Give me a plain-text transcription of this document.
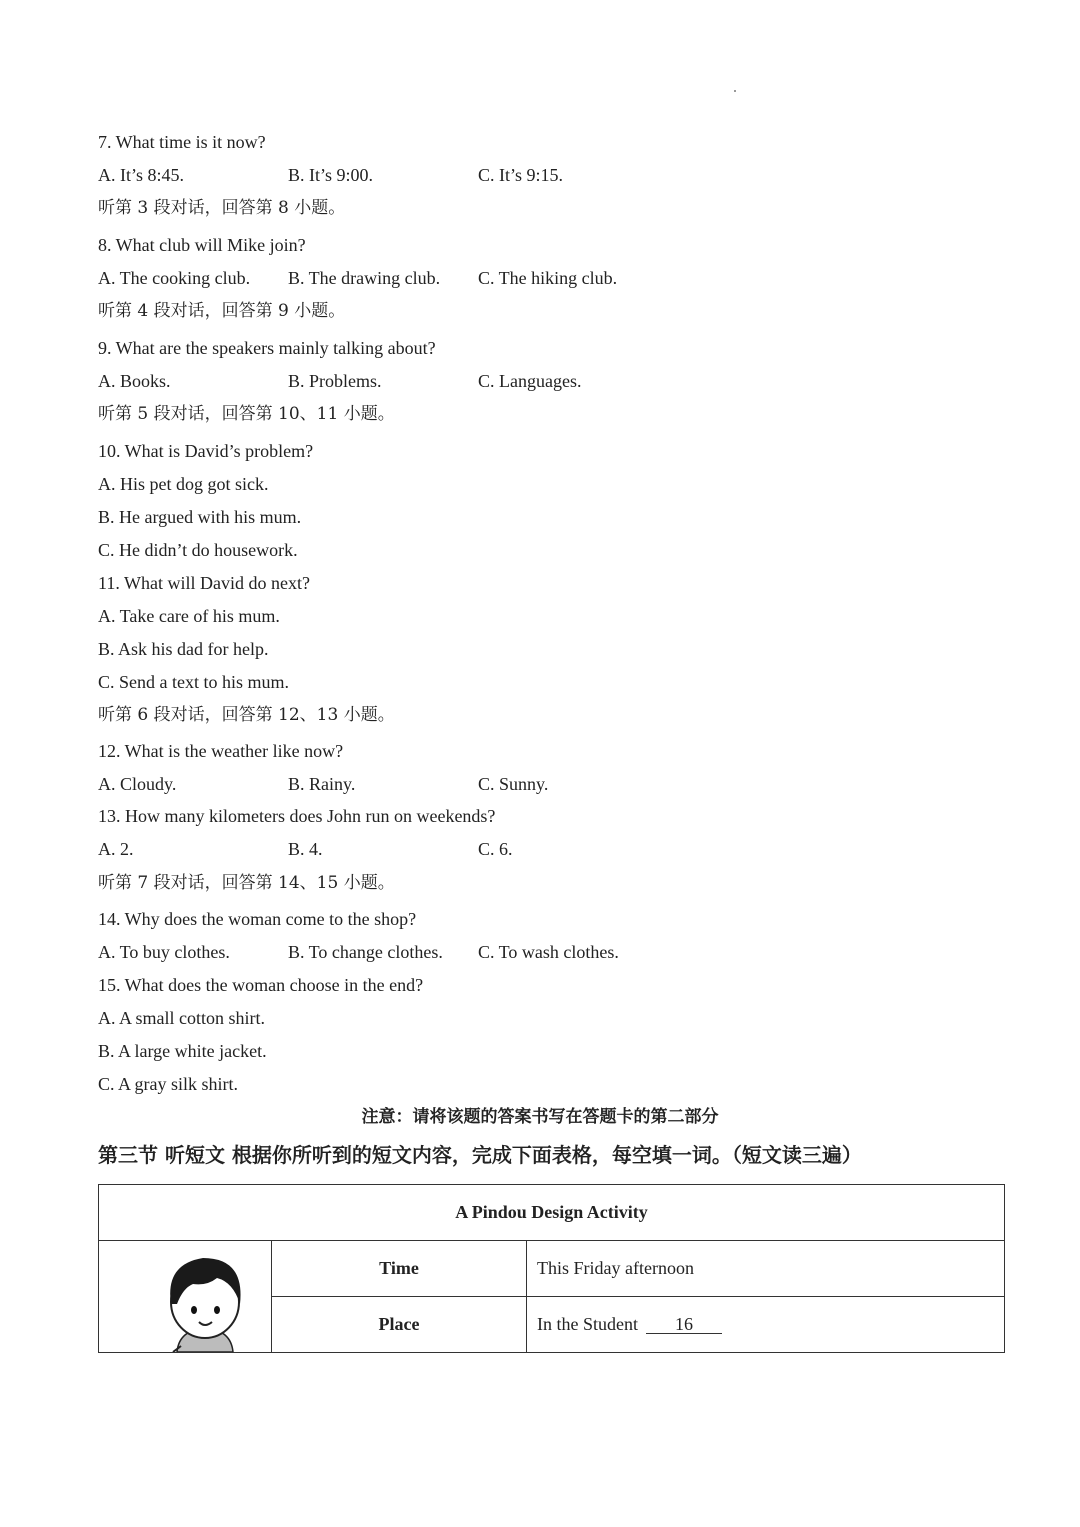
7. What time is it now?
A. It’s 8:45.	B. It’s 9:00.	C. It’s 9:15.
听第 3 段对话，回答第 8 小题。
8. What club will Mike join?
A. The cooking club. B. The drawing club. C. The hiking club.
听第 4 段对话，回答第 9 小题。
9. What are the speakers mainly talking about?
A. Books.	B. Problems.	C. Languages.
听第 5 段对话，回答第 10、11 小题。
10. What is David’s problem?
A. His pet dog got sick.
B. He argued with his mum.
C. He didn’t do housework.
11. What will David do next?
A. Take care of his mum.
B. Ask his dad for help.
C. Send a text to his mum.
听第 6 段对话，回答第 12、13 小题。
12. What is the weather like now?
A. Cloudy.	B. Rainy.	C. Sunny.
13. How many kilometers does John run on weekends?
A. 2.	B. 4.	C. 6.
听第 7 段对话，回答第 14、15 小题。
14. Why does the woman come to the shop?
A. To buy clothes.	B. To change clothes. C. To wash clothes.
15. What does the woman choose in the end?
A. A small cotton shirt.
B. A large white jacket.
C. A gray silk shirt.
注意：请将该题的答案书写在答题卡的第二部分
第三节 听短文 根据你所听到的短文内容，完成下面表格，每空填一词。（短文读三遍）
A Pindou Design Activity		

	Time	This Friday afternoon
	Place	In the Student 16
